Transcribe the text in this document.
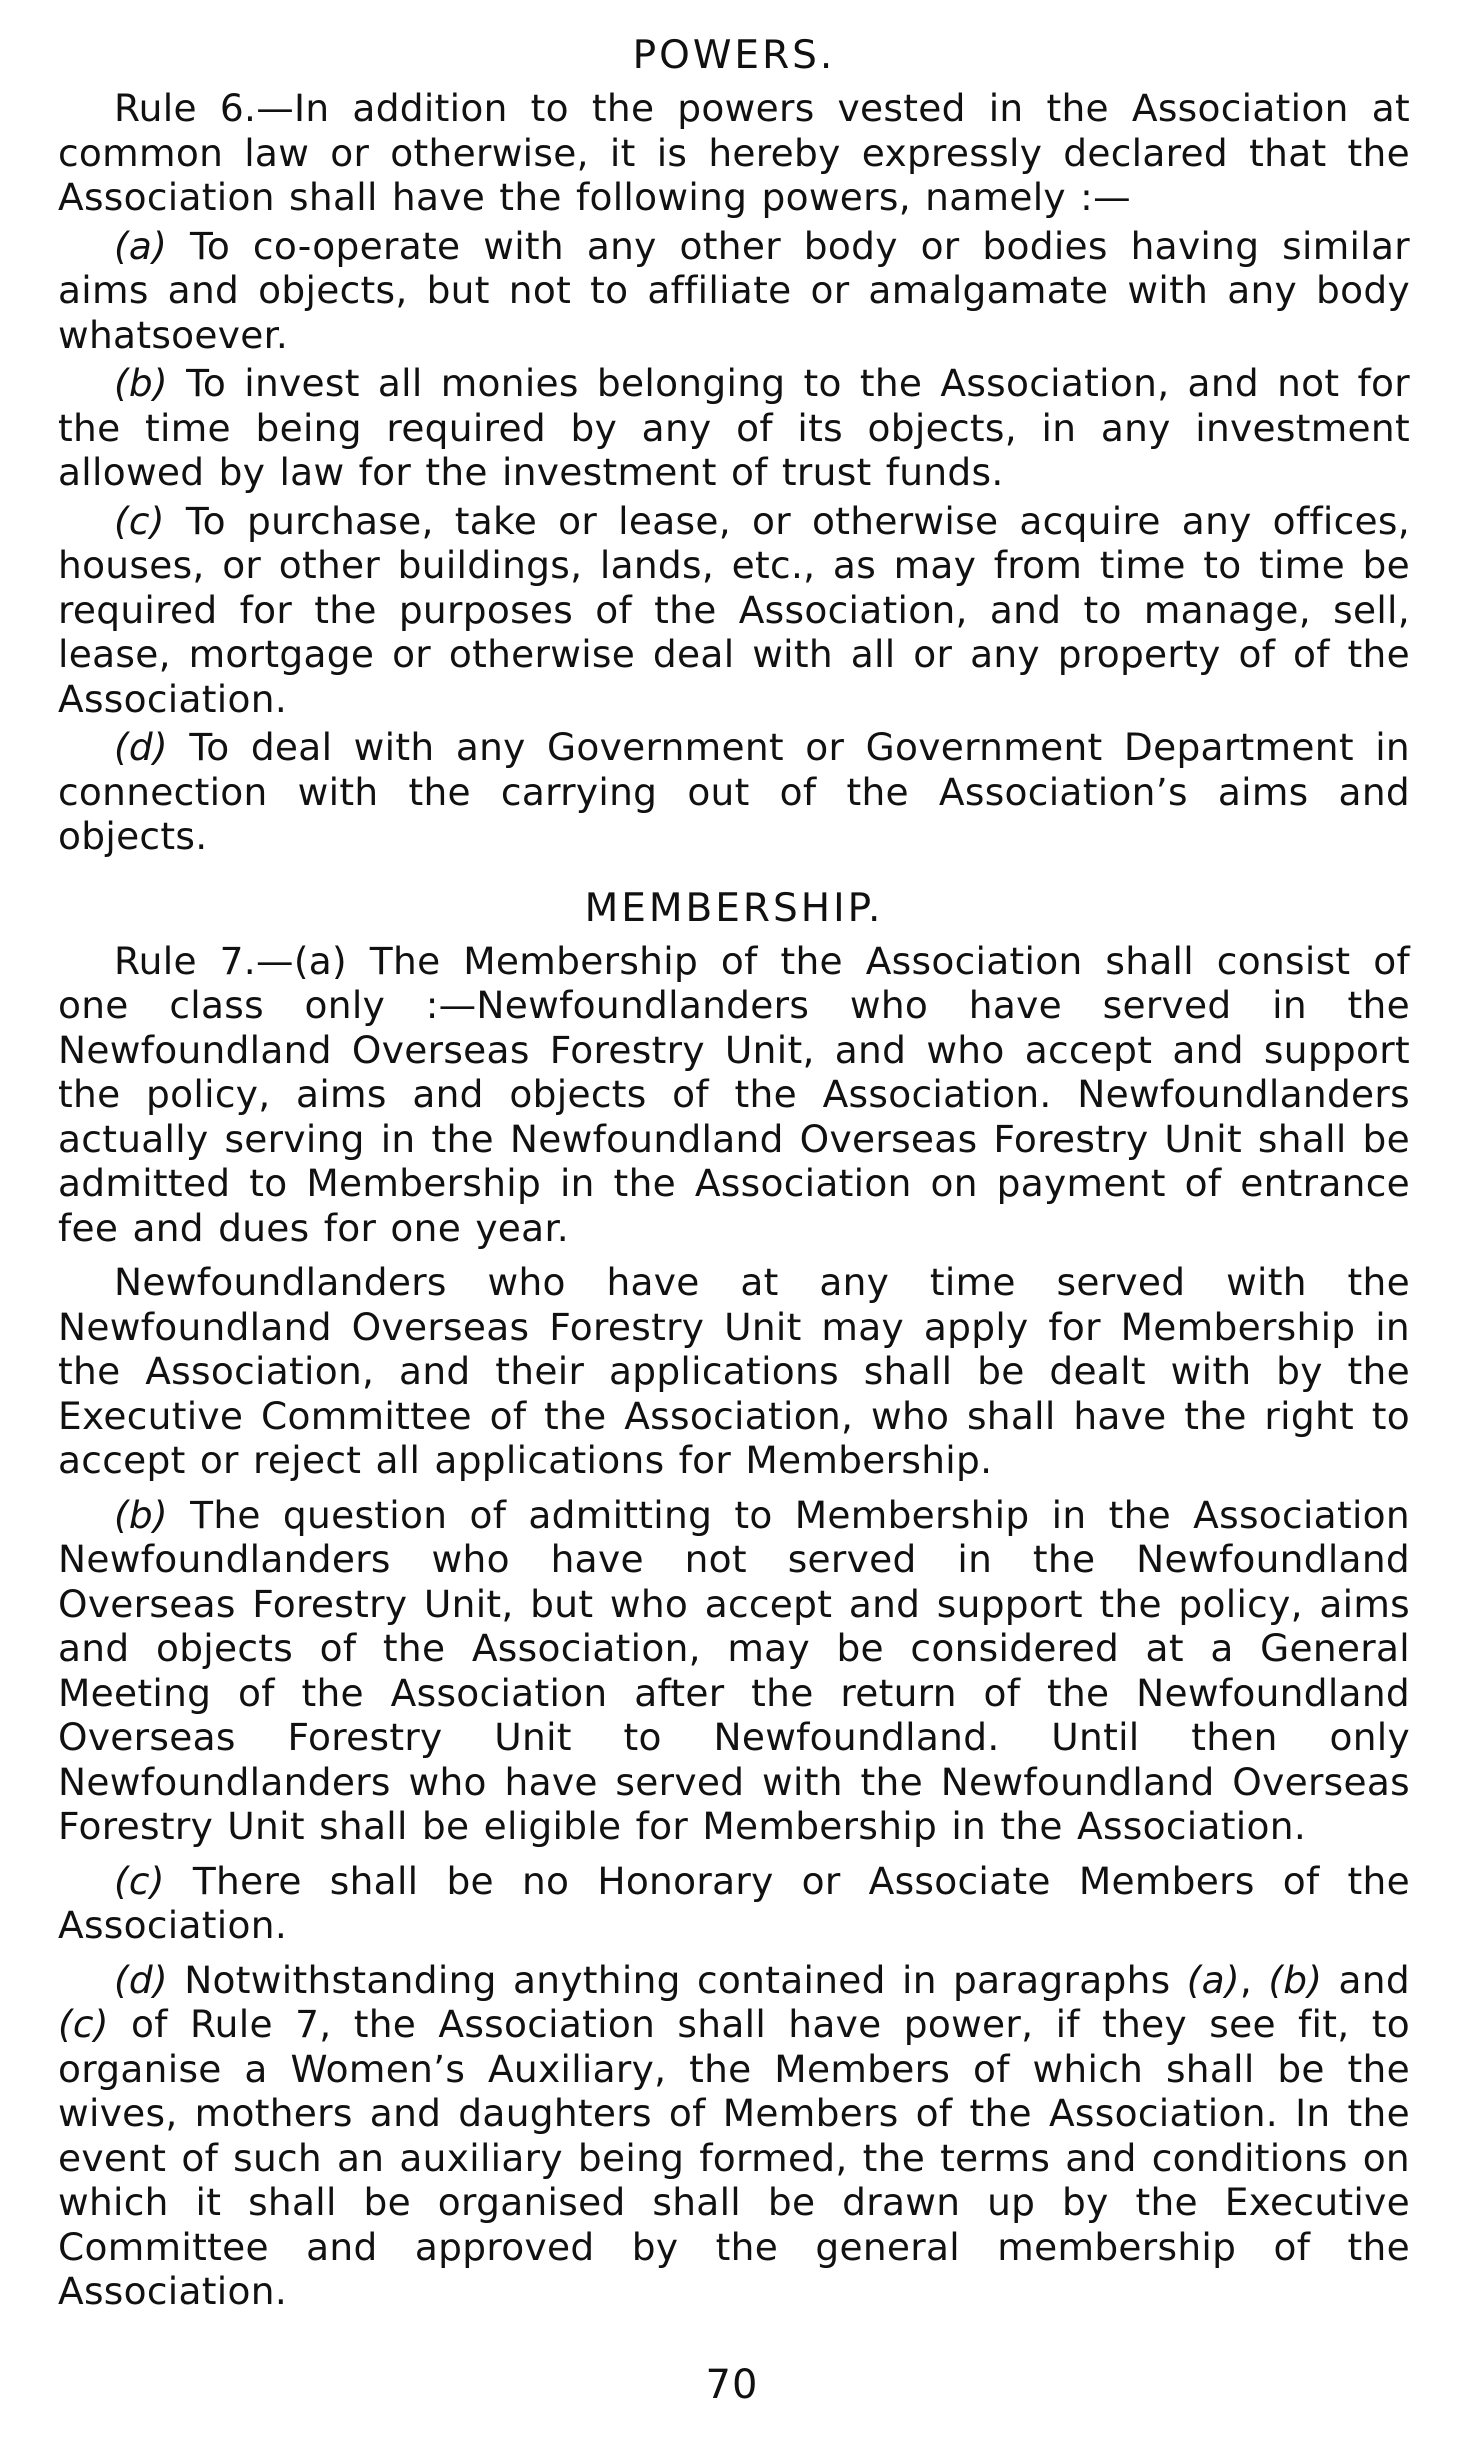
POWERS.

Rule 6.—In addition to the powers vested in the Association at common law or otherwise, it is hereby expressly declared that the Association shall have the following powers, namely :—

(a) To co-operate with any other body or bodies having similar aims and objects, but not to affiliate or amalgamate with any body whatsoever.

(b) To invest all monies belonging to the Association, and not for the time being required by any of its objects, in any investment allowed by law for the investment of trust funds.

(c) To purchase, take or lease, or otherwise acquire any offices, houses, or other buildings, lands, etc., as may from time to time be required for the purposes of the Association, and to manage, sell, lease, mortgage or otherwise deal with all or any property of of the Association.

(d) To deal with any Government or Government Department in connection with the carrying out of the Association’s aims and objects.

MEMBERSHIP.

Rule 7.—(a) The Membership of the Association shall consist of one class only :—Newfoundlanders who have served in the Newfoundland Overseas Forestry Unit, and who accept and support the policy, aims and objects of the Association. Newfoundlanders actually serving in the Newfoundland Overseas Forestry Unit shall be admitted to Membership in the Association on payment of entrance fee and dues for one year.

Newfoundlanders who have at any time served with the Newfoundland Overseas Forestry Unit may apply for Membership in the Association, and their applications shall be dealt with by the Executive Committee of the Association, who shall have the right to accept or reject all applications for Membership.

(b) The question of admitting to Membership in the Association Newfoundlanders who have not served in the Newfoundland Overseas Forestry Unit, but who accept and support the policy, aims and objects of the Association, may be considered at a General Meeting of the Association after the return of the Newfoundland Overseas Forestry Unit to Newfoundland. Until then only Newfoundlanders who have served with the Newfoundland Overseas Forestry Unit shall be eligible for Membership in the Association.

(c) There shall be no Honorary or Associate Members of the Association.

(d) Notwithstanding anything contained in paragraphs (a), (b) and (c) of Rule 7, the Association shall have power, if they see fit, to organise a Women’s Auxiliary, the Members of which shall be the wives, mothers and daughters of Members of the Association. In the event of such an auxiliary being formed, the terms and conditions on which it shall be organised shall be drawn up by the Executive Committee and approved by the general membership of the Association.

70
